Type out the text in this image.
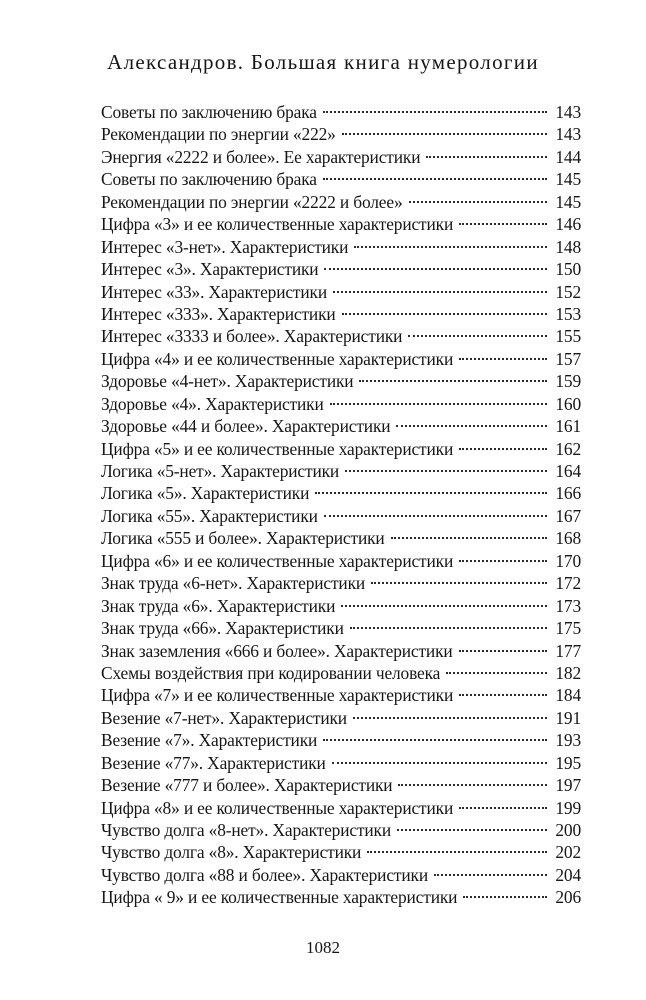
Александров. Большая книга нумерологии
Советы по заключению брака	143
Рекомендации по энергии «222»	143
Энергия «2222 и более». Ее характеристики	144
Советы по заключению брака	145
Рекомендации по энергии «2222 и более»	145
Цифра «3» и ее количественные характеристики	146
Интерес «3-нет». Характеристики	148
Интерес «3». Характеристики	150
Интерес «33». Характеристики	152
Интерес «333». Характеристики	153
Интерес «3333 и более». Характеристики	155
Цифра «4» и ее количественные характеристики	157
Здоровье «4-нет». Характеристики	159
Здоровье «4». Характеристики	160
Здоровье «44 и более». Характеристики	161
Цифра «5» и ее количественные характеристики	162
Логика «5-нет». Характеристики	164
Логика «5». Характеристики	166
Логика «55». Характеристики	167
Логика «555 и более». Характеристики	168
Цифра «6» и ее количественные характеристики	170
Знак труда «6-нет». Характеристики	172
Знак труда «6». Характеристики	173
Знак труда «66». Характеристики	175
Знак заземления «666 и более». Характеристики	177
Схемы воздействия при кодировании человека	182
Цифра «7» и ее количественные характеристики	184
Везение «7-нет». Характеристики	191
Везение «7». Характеристики	193
Везение «77». Характеристики	195
Везение «777 и более». Характеристики	197
Цифра «8» и ее количественные характеристики	199
Чувство долга «8-нет». Характеристики	200
Чувство долга «8». Характеристики	202
Чувство долга «88 и более». Характеристики	204
Цифра « 9» и ее количественные характеристики	206
1082
